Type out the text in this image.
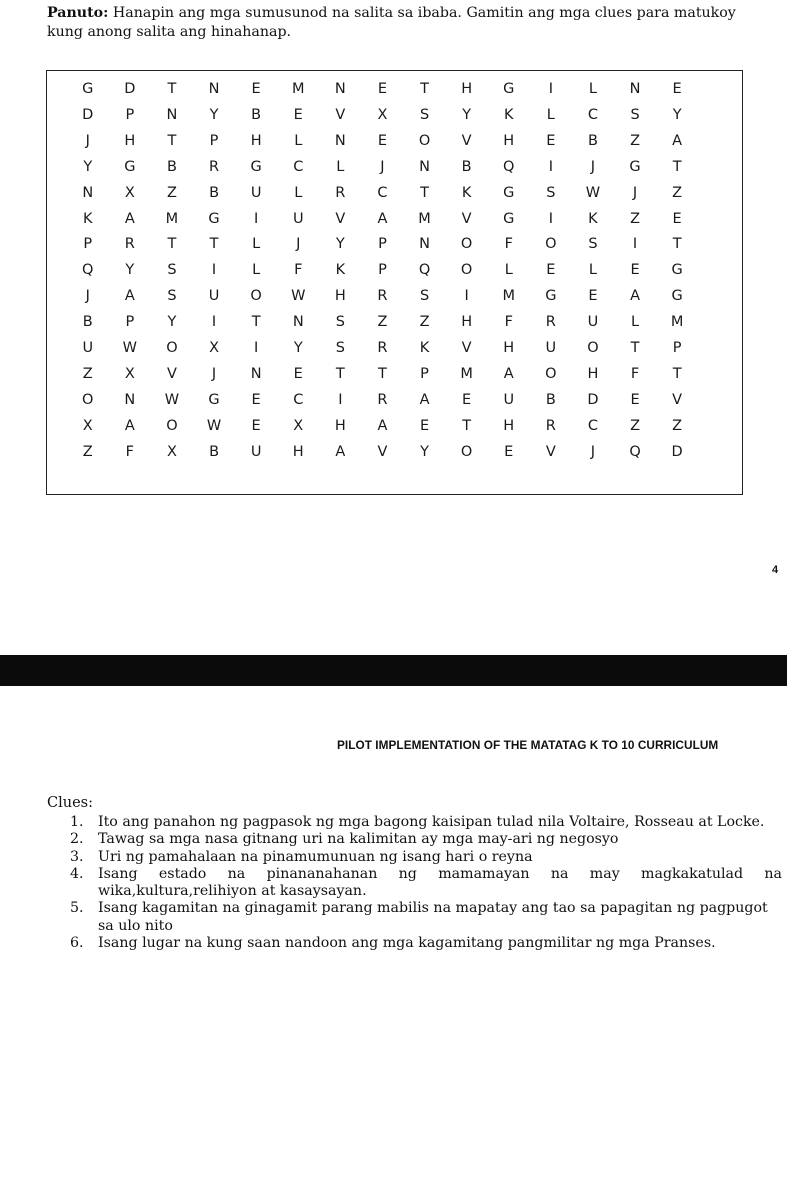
Panuto: Hanapin ang mga sumusunod na salita sa ibaba. Gamitin ang mga clues para matukoy
kung anong salita ang hinahanap.
G	D	T	N	E	M	N	E	T	H	G	I	L	N	E
D	P	N	Y	B	E	V	X	S	Y	K	L	C	S	Y
J	H	T	P	H	L	N	E	O	V	H	E	B	Z	A
Y	G	B	R	G	C	L	J	N	B	Q	I	J	G	T
N	X	Z	B	U	L	R	C	T	K	G	S	W	J	Z
K	A	M	G	I	U	V	A	M	V	G	I	K	Z	E
P	R	T	T	L	J	Y	P	N	O	F	O	S	I	T
Q	Y	S	I	L	F	K	P	Q	O	L	E	L	E	G
J	A	S	U	O	W	H	R	S	I	M	G	E	A	G
B	P	Y	I	T	N	S	Z	Z	H	F	R	U	L	M
U	W	O	X	I	Y	S	R	K	V	H	U	O	T	P
Z	X	V	J	N	E	T	T	P	M	A	O	H	F	T
O	N	W	G	E	C	I	R	A	E	U	B	D	E	V
X	A	O	W	E	X	H	A	E	T	H	R	C	Z	Z
Z	F	X	B	U	H	A	V	Y	O	E	V	J	Q	D
4
PILOT IMPLEMENTATION OF THE MATATAG K TO 10 CURRICULUM
Clues:
1. Ito ang panahon ng pagpasok ng mga bagong kaisipan tulad nila Voltaire, Rosseau at Locke.
2. Tawag sa mga nasa gitnang uri na kalimitan ay mga may-ari ng negosyo
3. Uri ng pamahalaan na pinamumunuan ng isang hari o reyna
4. Isang estado na pinananahanan ng mamamayan na may magkakatulad na
wika,kultura,relihiyon at kasaysayan.
5. Isang kagamitan na ginagamit parang mabilis na mapatay ang tao sa papagitan ng pagpugot
sa ulo nito
6. Isang lugar na kung saan nandoon ang mga kagamitang pangmilitar ng mga Pranses.
